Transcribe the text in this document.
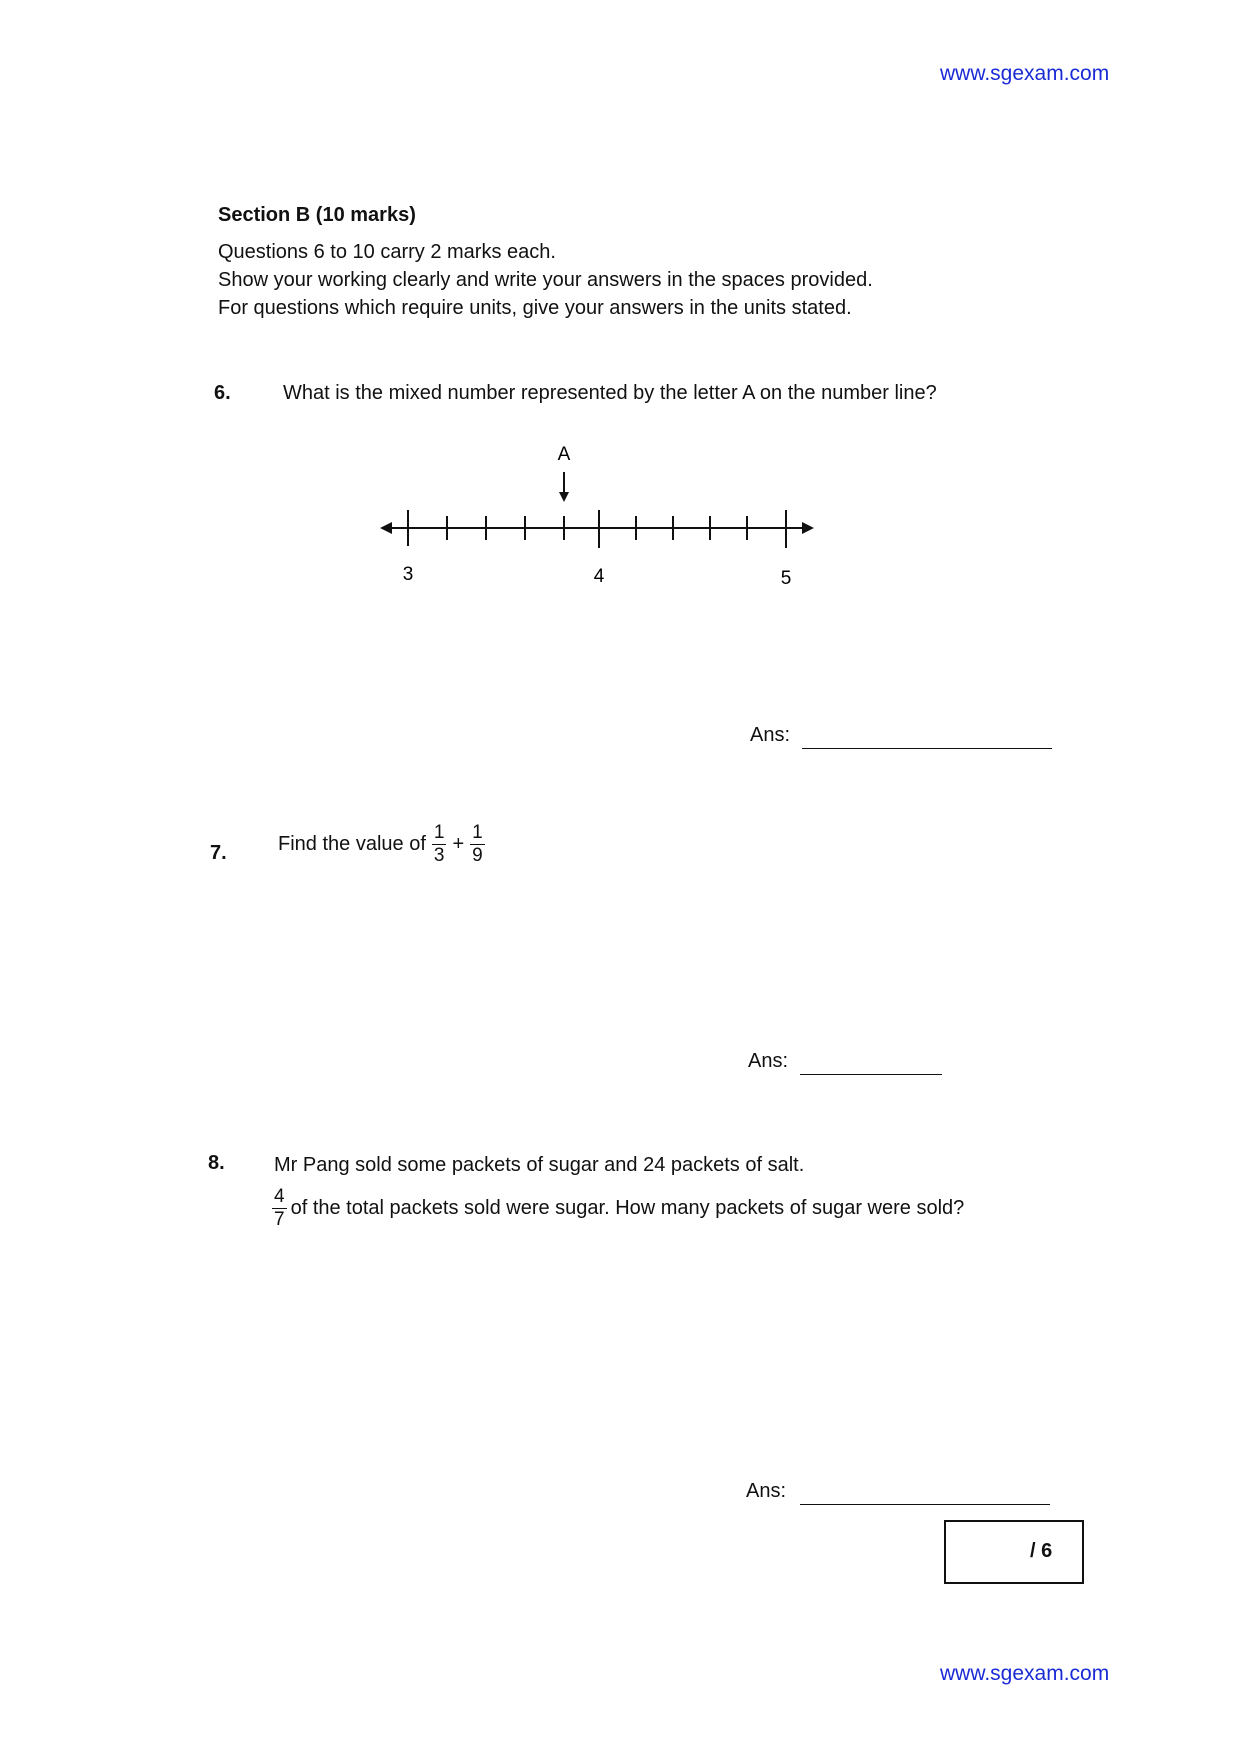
www.sgexam.com
Section B (10 marks)
Questions 6 to 10 carry 2 marks each.
Show your working clearly and write your answers in the spaces provided.
For questions which require units, give your answers in the units stated.
6.	What is the mixed number represented by the letter A on the number line?
A
3	4	5
Ans:
7.	Find the value of $\frac{1}{3} + \frac{1}{9}$
Ans:
8. Mr Pang sold some packets of sugar and 24 packets of salt.
$\frac{4}{7}$ of the total packets sold were sugar. How many packets of sugar were sold?
Ans:
/ 6
www.sgexam.com
